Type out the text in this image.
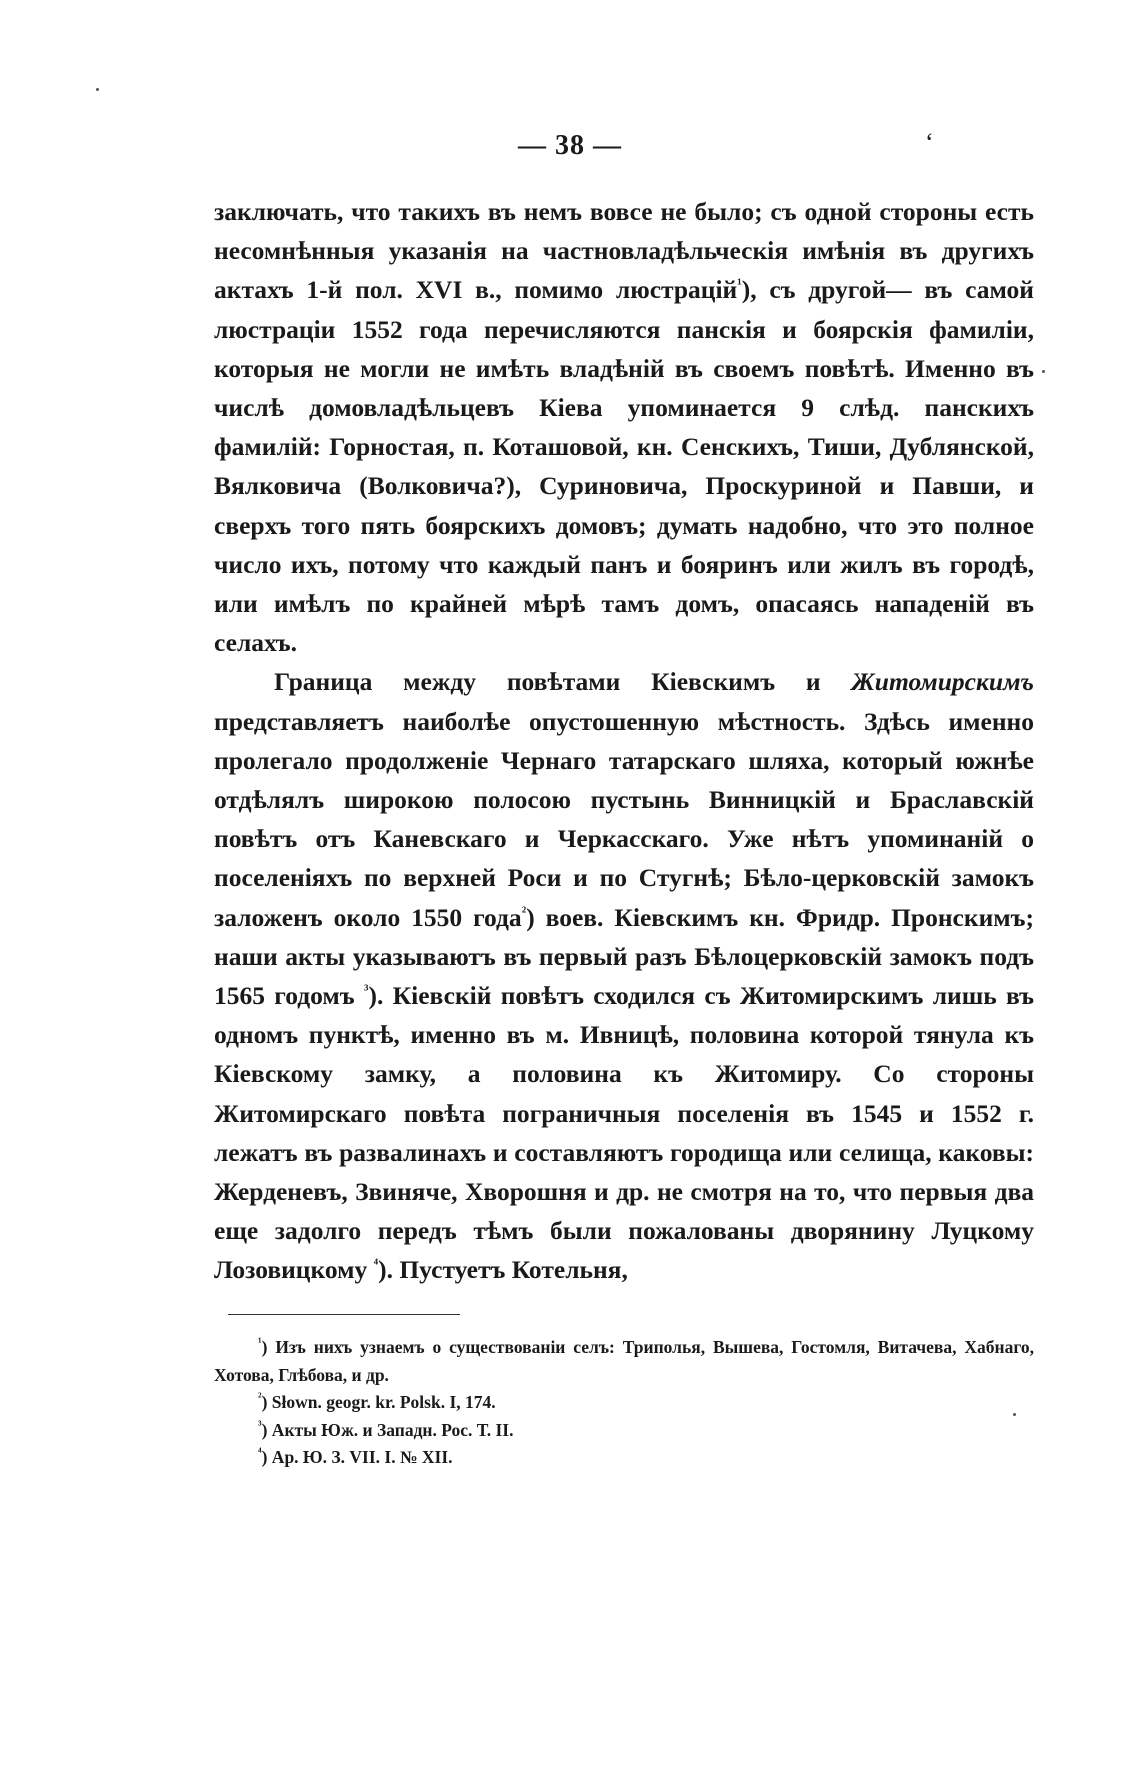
— 38 —	‘

заключать, что такихъ въ немъ вовсе не было; съ одной стороны есть несомнѣнныя указанія на частновладѣльческія имѣнія въ другихъ актахъ 1-й пол. XVI в., помимо люстрацій$^{^1}$), съ другой— въ самой люстраціи 1552 года перечисляются панскія и боярскія фамиліи, которыя не могли не имѣть владѣній въ своемъ повѣтѣ. Именно въ числѣ домовладѣльцевъ Кіева упоминается 9 слѣд. панскихъ фамилій: Горностая, п. Коташовой, кн. Сенскихъ, Тиши, Дублянской, Вялковича (Волковича?), Суриновича, Проскуриной и Павши, и сверхъ того пять боярскихъ домовъ; думать надобно, что это полное число ихъ, потому что каждый панъ и бояринъ или жилъ въ городѣ, или имѣлъ по крайней мѣрѣ тамъ домъ, опасаясь нападеній въ селахъ.

Граница между повѣтами Кіевскимъ и Житомирскимъ представляетъ наиболѣе опустошенную мѣстность. Здѣсь именно пролегало продолженіе Чернаго татарскаго шляха, который южнѣе отдѣлялъ широкою полосою пустынь Винницкій и Браславскій повѣтъ отъ Каневскаго и Черкасскаго. Уже нѣтъ упоминаній о поселеніяхъ по верхней Роси и по Стугнѣ; Бѣло-церковскій замокъ заложенъ около 1550 года$^{^2}$) воев. Кіевскимъ кн. Фридр. Пронскимъ; наши акты указываютъ въ первый разъ Бѣлоцерковскій замокъ подъ 1565 годомъ $^{^3}$). Кіевскій повѣтъ сходился съ Житомирскимъ лишь въ одномъ пунктѣ, именно въ м. Ивницѣ, половина которой тянула къ Кіевскому замку, а половина къ Житомиру. Со стороны Житомирскаго повѣта пограничныя поселенія въ 1545 и 1552 г. лежатъ въ развалинахъ и составляютъ городища или селища, каковы: Жерденевъ, Звиняче, Хворошня и др. не смотря на то, что первыя два еще задолго передъ тѣмъ были пожалованы дворянину Луцкому Лозовицкому $^{^4}$). Пустуетъ Котельня,

$^{^1}$) Изъ нихъ узнаемъ о существованіи селъ: Триполья, Вышева, Гостомля, Витачева, Хабнаго, Хотова, Глѣбова, и др.

$^{^2}$) Słown. geogr. kr. Polsk. I, 174.

$^{^3}$) Акты Юж. и Западн. Рос. Т. II.

$^{^4}$) Ар. Ю. З. VII. I. № XII.
